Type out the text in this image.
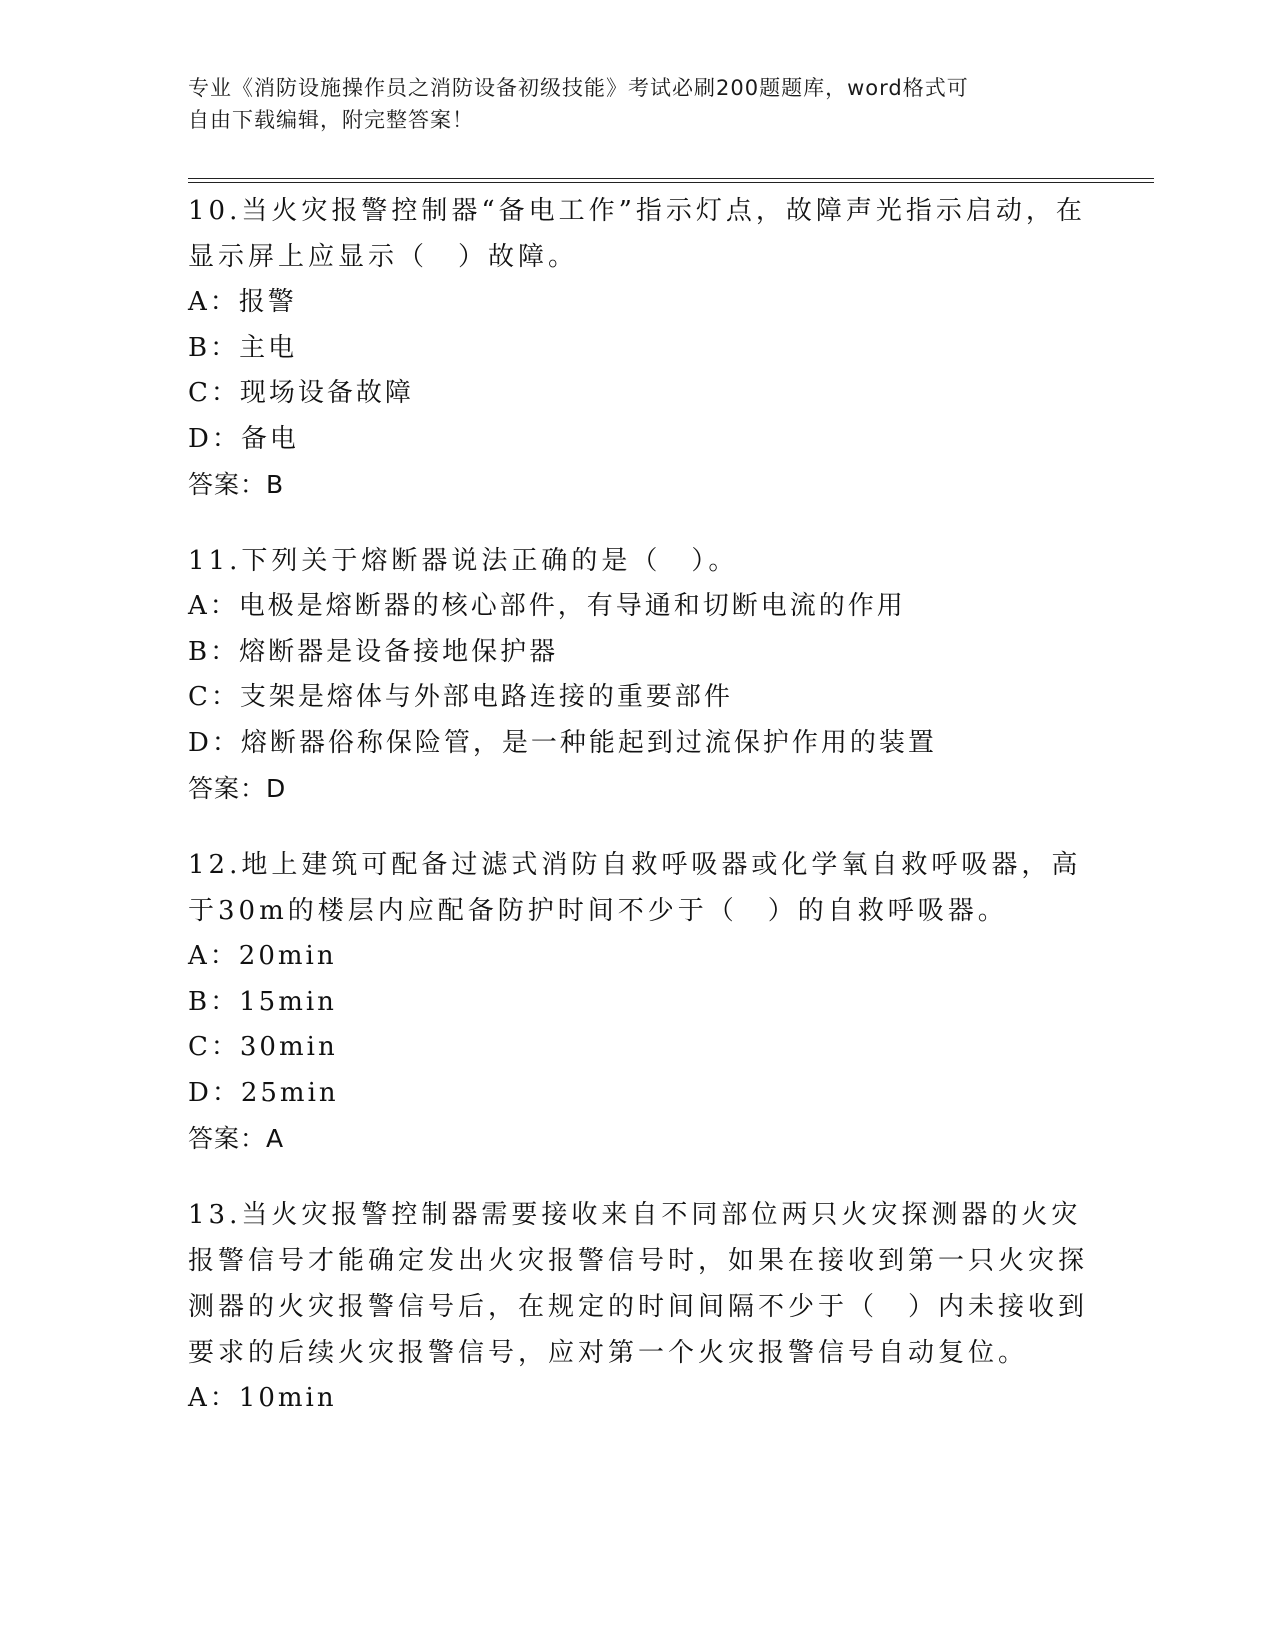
专业《消防设施操作员之消防设备初级技能》考试必刷200题题库，word格式可
自由下载编辑，附完整答案！

10.当火灾报警控制器“备电工作”指示灯点，故障声光指示启动，在显示屏上应显示（　）故障。

A：报警

B：主电

C：现场设备故障

D：备电

答案：B

11.下列关于熔断器说法正确的是（　）。

A：电极是熔断器的核心部件，有导通和切断电流的作用

B：熔断器是设备接地保护器

C：支架是熔体与外部电路连接的重要部件

D：熔断器俗称保险管，是一种能起到过流保护作用的装置

答案：D

12.地上建筑可配备过滤式消防自救呼吸器或化学氧自救呼吸器，高于30m的楼层内应配备防护时间不少于（　）的自救呼吸器。

A：20min

B：15min

C：30min

D：25min

答案：A

13.当火灾报警控制器需要接收来自不同部位两只火灾探测器的火灾报警信号才能确定发出火灾报警信号时，如果在接收到第一只火灾探测器的火灾报警信号后，在规定的时间间隔不少于（　）内未接收到要求的后续火灾报警信号，应对第一个火灾报警信号自动复位。

A：10min
